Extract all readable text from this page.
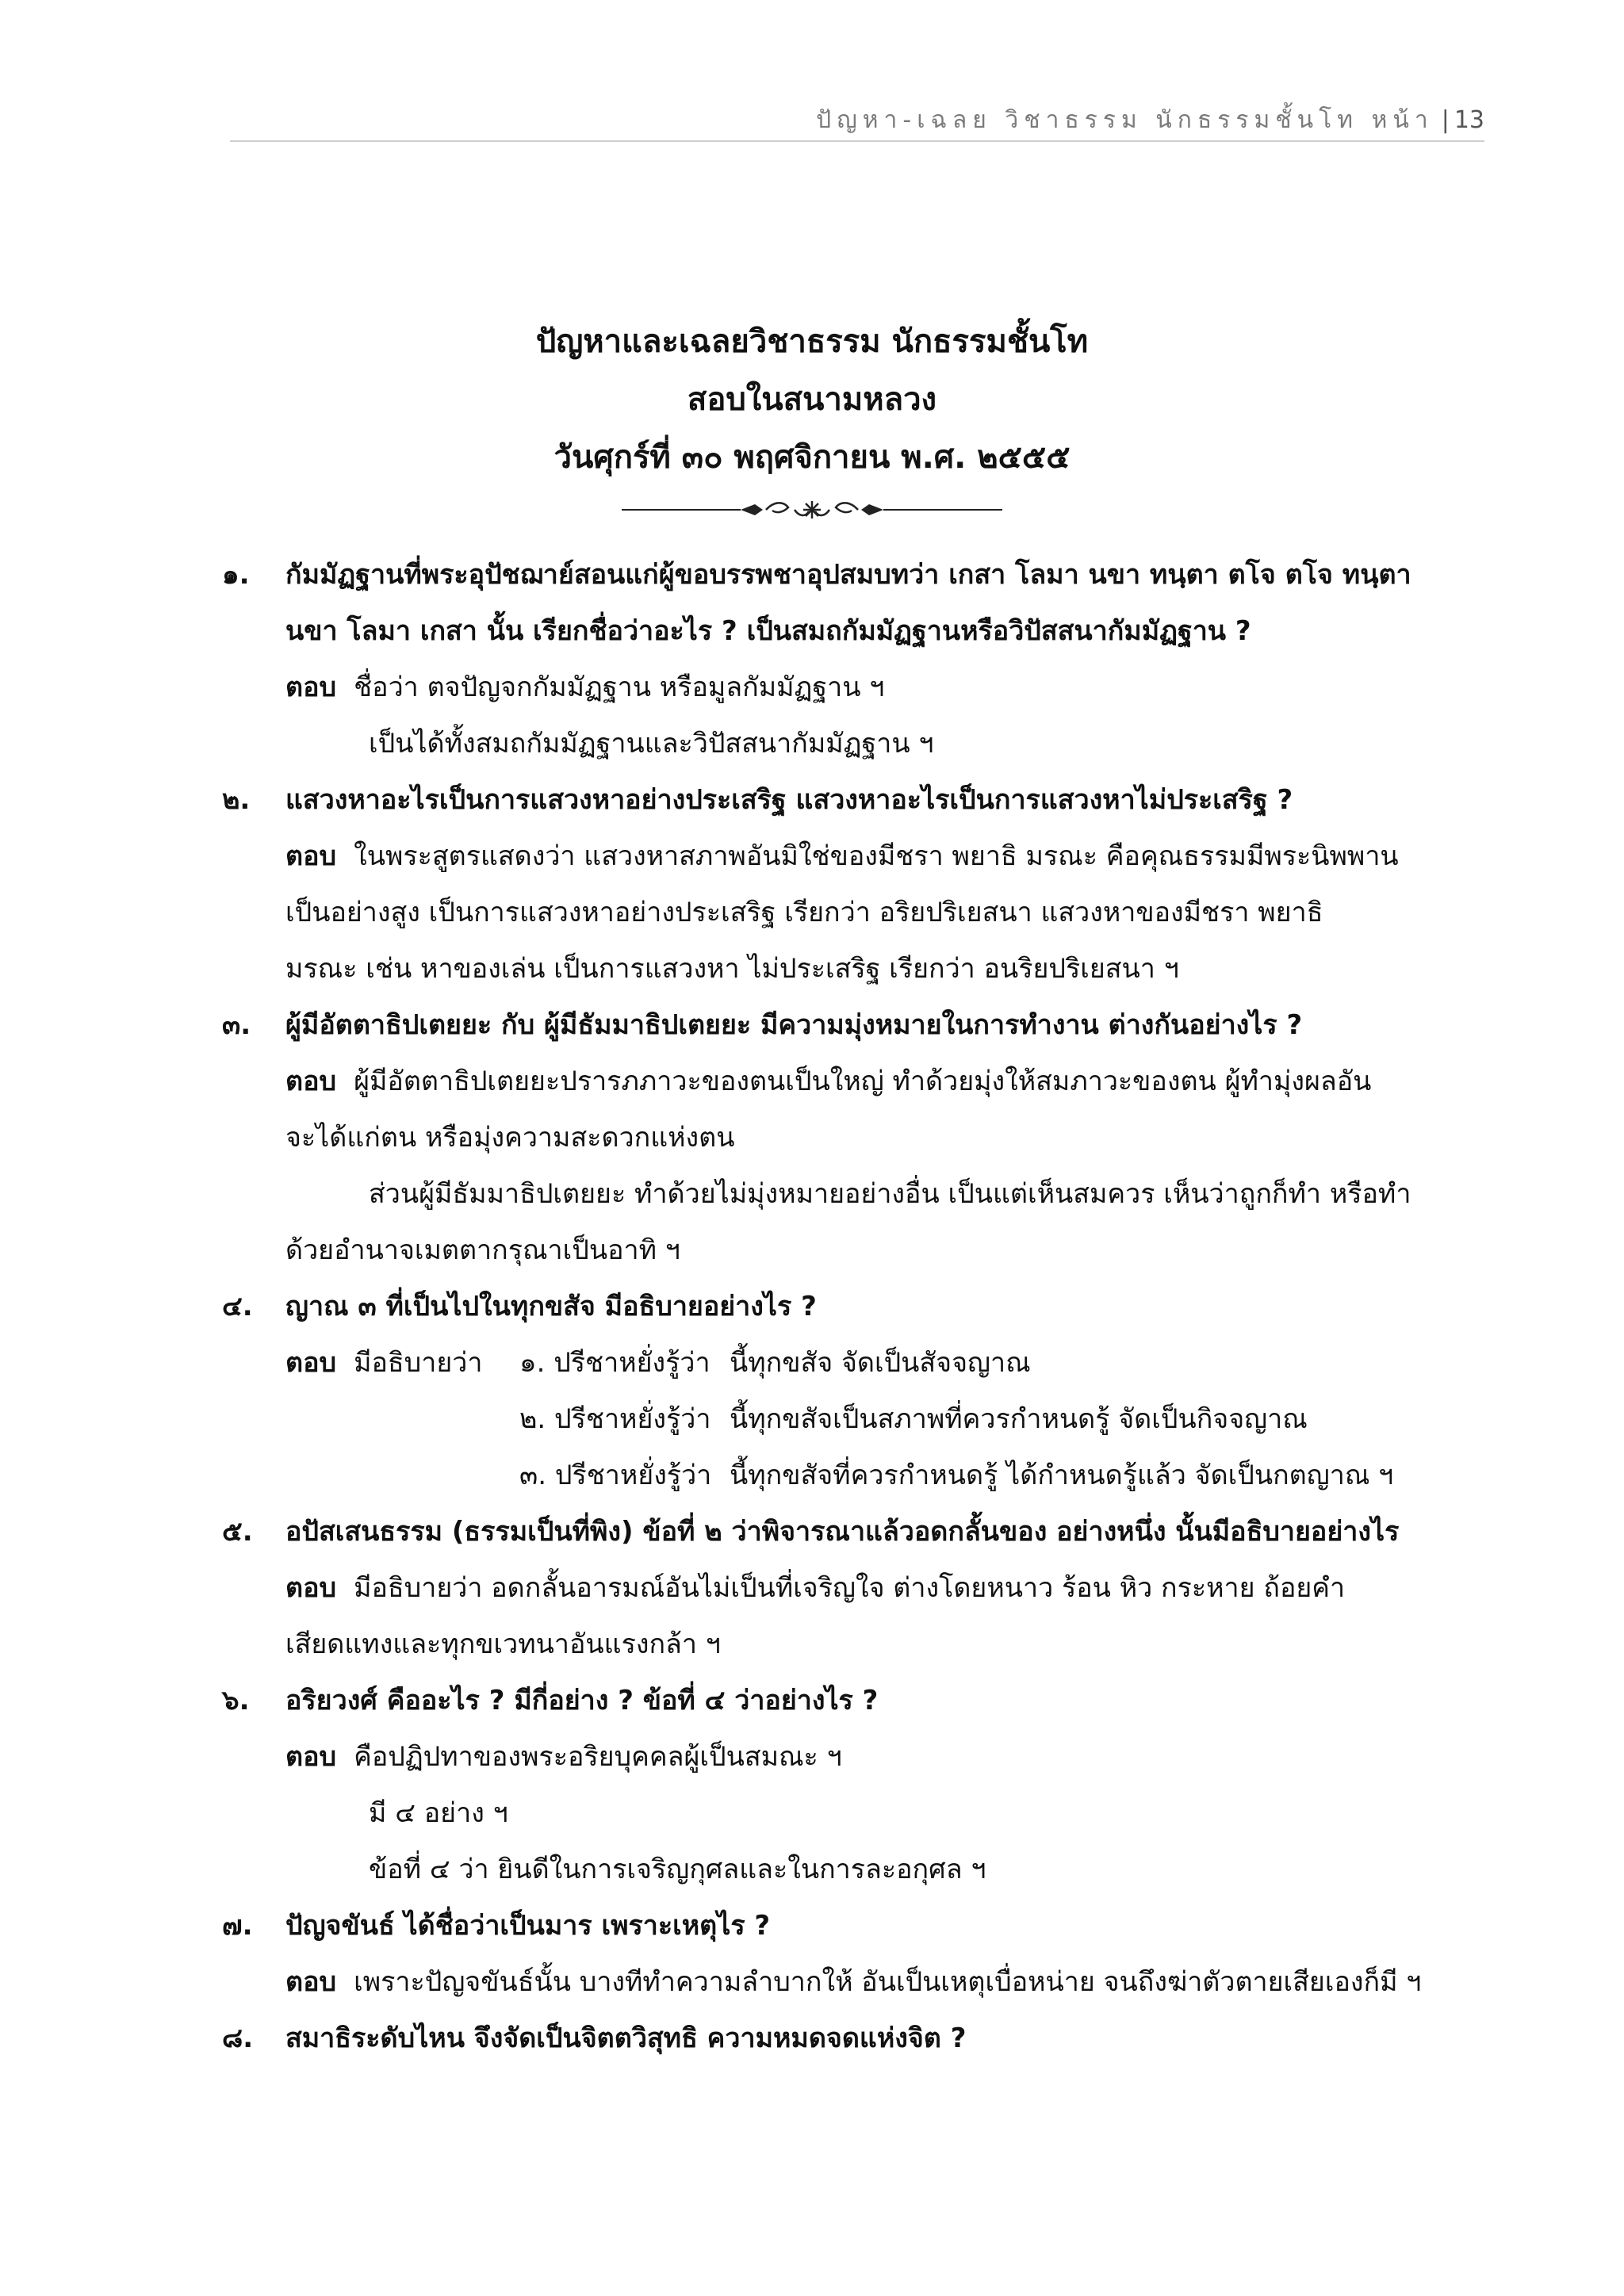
ปัญหา-เฉลย วิชาธรรม นักธรรมชั้นโท หน้า | 13
ปัญหาและเฉลยวิชาธรรม นักธรรมชั้นโท
สอบในสนามหลวง
วันศุกร์ที่ ๓๐ พฤศจิกายน พ.ศ. ๒๕๕๕
๑. กัมมัฏฐานที่พระอุปัชฌาย์สอนแก่ผู้ขอบรรพชาอุปสมบทว่า เกสา โลมา นขา ทนฺตา ตโจ ตโจ ทนฺตา
นขา โลมา เกสา นั้น เรียกชื่อว่าอะไร ? เป็นสมถกัมมัฏฐานหรือวิปัสสนากัมมัฏฐาน ?
ตอบ ชื่อว่า ตจปัญจกกัมมัฏฐาน หรือมูลกัมมัฏฐาน ฯ
เป็นได้ทั้งสมถกัมมัฏฐานและวิปัสสนากัมมัฏฐาน ฯ
๒. แสวงหาอะไรเป็นการแสวงหาอย่างประเสริฐ แสวงหาอะไรเป็นการแสวงหาไม่ประเสริฐ ?
ตอบ ในพระสูตรแสดงว่า แสวงหาสภาพอันมิใช่ของมีชรา พยาธิ มรณะ คือคุณธรรมมีพระนิพพาน
เป็นอย่างสูง เป็นการแสวงหาอย่างประเสริฐ เรียกว่า อริยปริเยสนา แสวงหาของมีชรา พยาธิ
มรณะ เช่น หาของเล่น เป็นการแสวงหา ไม่ประเสริฐ เรียกว่า อนริยปริเยสนา ฯ
๓. ผู้มีอัตตาธิปเตยยะ กับ ผู้มีธัมมาธิปเตยยะ มีความมุ่งหมายในการทำงาน ต่างกันอย่างไร ?
ตอบ ผู้มีอัตตาธิปเตยยะปรารภภาวะของตนเป็นใหญ่ ทำด้วยมุ่งให้สมภาวะของตน ผู้ทำมุ่งผลอัน
จะได้แก่ตน หรือมุ่งความสะดวกแห่งตน
ส่วนผู้มีธัมมาธิปเตยยะ ทำด้วยไม่มุ่งหมายอย่างอื่น เป็นแต่เห็นสมควร เห็นว่าถูกก็ทำ หรือทำ
ด้วยอำนาจเมตตากรุณาเป็นอาทิ ฯ
๔. ญาณ ๓ ที่เป็นไปในทุกขสัจ มีอธิบายอย่างไร ?
ตอบ มีอธิบายว่า ๑. ปรีชาหยั่งรู้ว่า นี้ทุกขสัจ จัดเป็นสัจจญาณ
๒. ปรีชาหยั่งรู้ว่า นี้ทุกขสัจเป็นสภาพที่ควรกำหนดรู้ จัดเป็นกิจจญาณ

๓. ปรีชาหยั่งรู้ว่า นี้ทุกขสัจที่ควรกำหนดรู้ ได้กำหนดรู้แล้ว จัดเป็นกตญาณ ฯ

๕. อปัสเสนธรรม (ธรรมเป็นที่พิง) ข้อที่ ๒ ว่าพิจารณาแล้วอดกลั้นของ อย่างหนึ่ง นั้นมีอธิบายอย่างไร
ตอบ มีอธิบายว่า อดกลั้นอารมณ์อันไม่เป็นที่เจริญใจ ต่างโดยหนาว ร้อน หิว กระหาย ถ้อยคำ
เสียดแทงและทุกขเวทนาอันแรงกล้า ฯ
๖. อริยวงศ์ คืออะไร ? มีกี่อย่าง ? ข้อที่ ๔ ว่าอย่างไร ?
ตอบ คือปฏิปทาของพระอริยบุคคลผู้เป็นสมณะ ฯ
มี ๔ อย่าง ฯ
ข้อที่ ๔ ว่า ยินดีในการเจริญกุศลและในการละอกุศล ฯ
๗. ปัญจขันธ์ ได้ชื่อว่าเป็นมาร เพราะเหตุไร ?
ตอบ เพราะปัญจขันธ์นั้น บางทีทำความลำบากให้ อันเป็นเหตุเบื่อหน่าย จนถึงฆ่าตัวตายเสียเองก็มี ฯ
๘. สมาธิระดับไหน จึงจัดเป็นจิตตวิสุทธิ ความหมดจดแห่งจิต ?
